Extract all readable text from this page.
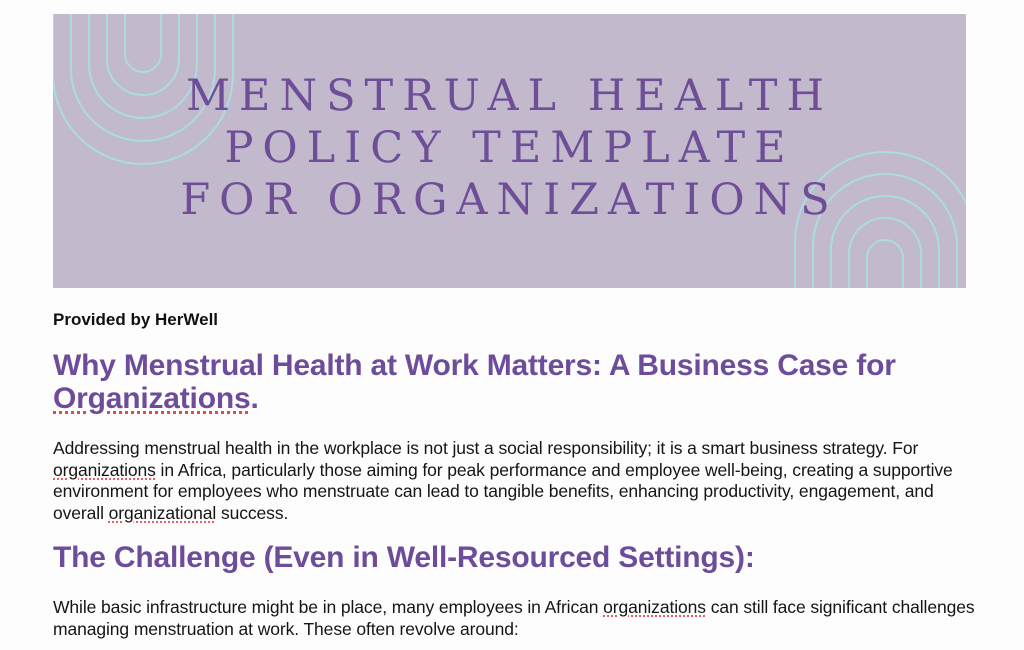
MENSTRUAL HEALTH
POLICY TEMPLATE
FOR ORGANIZATIONS

Provided by HerWell

Why Menstrual Health at Work Matters: A Business Case for Organizations.

Addressing menstrual health in the workplace is not just a social responsibility; it is a smart business strategy. For organizations in Africa, particularly those aiming for peak performance and employee well-being, creating a supportive environment for employees who menstruate can lead to tangible benefits, enhancing productivity, engagement, and overall organizational success.

The Challenge (Even in Well-Resourced Settings):

While basic infrastructure might be in place, many employees in African organizations can still face significant challenges managing menstruation at work. These often revolve around:
